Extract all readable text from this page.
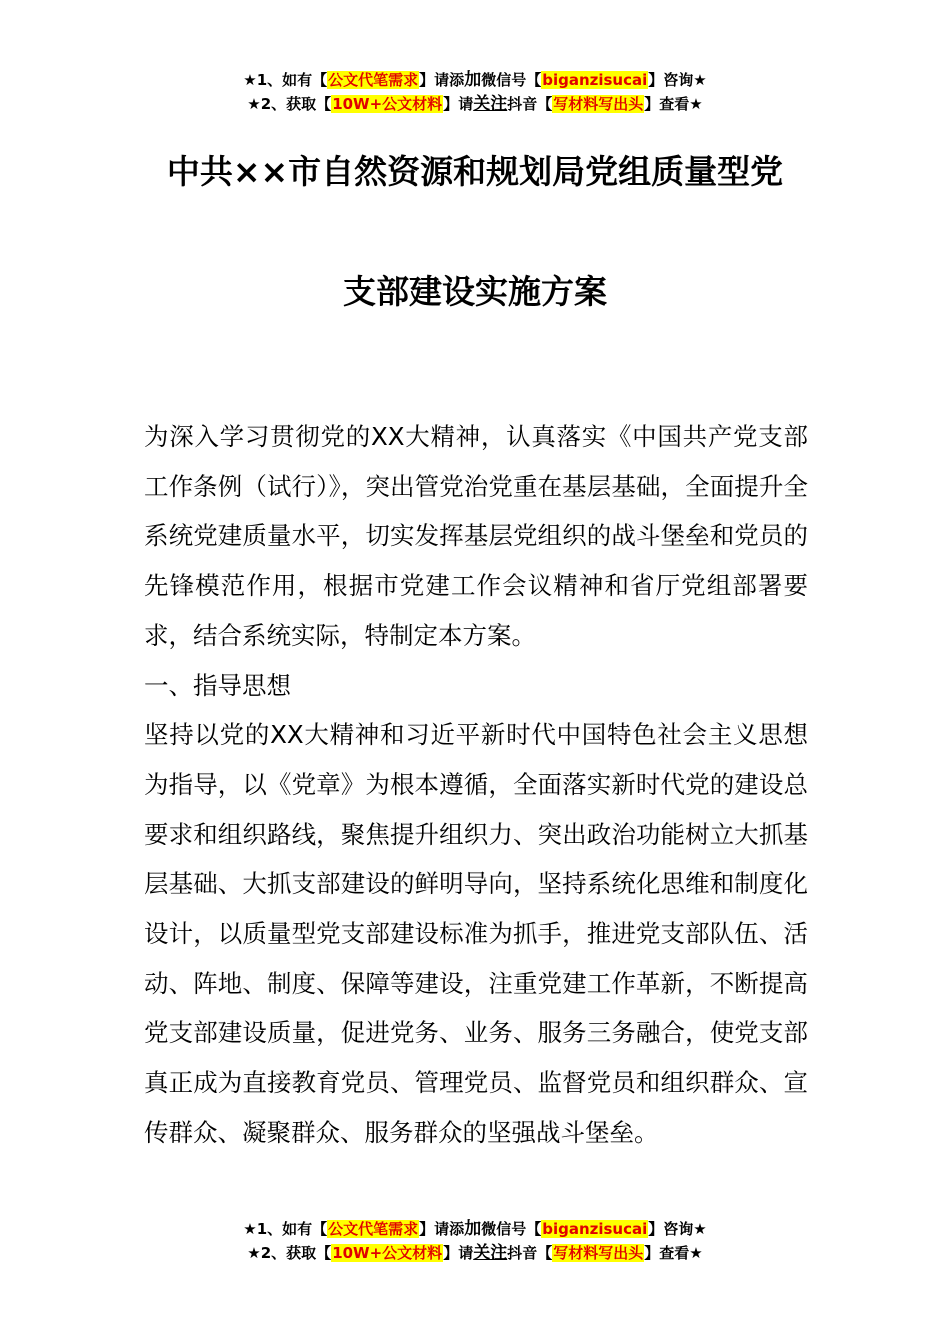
★1、如有【公文代笔需求】请添加微信号【biganzisucai】咨询★
★2、获取【10W+公文材料】请关注抖音【写材料写出头】查看★
中共××市自然资源和规划局党组质量型党
支部建设实施方案

为深入学习贯彻党的XX大精神，认真落实《中国共产党支部工作条例（试行）》，突出管党治党重在基层基础，全面提升全系统党建质量水平，切实发挥基层党组织的战斗堡垒和党员的先锋模范作用，根据市党建工作会议精神和省厅党组部署要求，结合系统实际，特制定本方案。

一、指导思想

坚持以党的XX大精神和习近平新时代中国特色社会主义思想为指导，以《党章》为根本遵循，全面落实新时代党的建设总要求和组织路线，聚焦提升组织力、突出政治功能树立大抓基层基础、大抓支部建设的鲜明导向，坚持系统化思维和制度化设计，以质量型党支部建设标准为抓手，推进党支部队伍、活动、阵地、制度、保障等建设，注重党建工作革新，不断提高党支部建设质量，促进党务、业务、服务三务融合，使党支部真正成为直接教育党员、管理党员、监督党员和组织群众、宣传群众、凝聚群众、服务群众的坚强战斗堡垒。

★1、如有【公文代笔需求】请添加微信号【biganzisucai】咨询★
★2、获取【10W+公文材料】请关注抖音【写材料写出头】查看★
